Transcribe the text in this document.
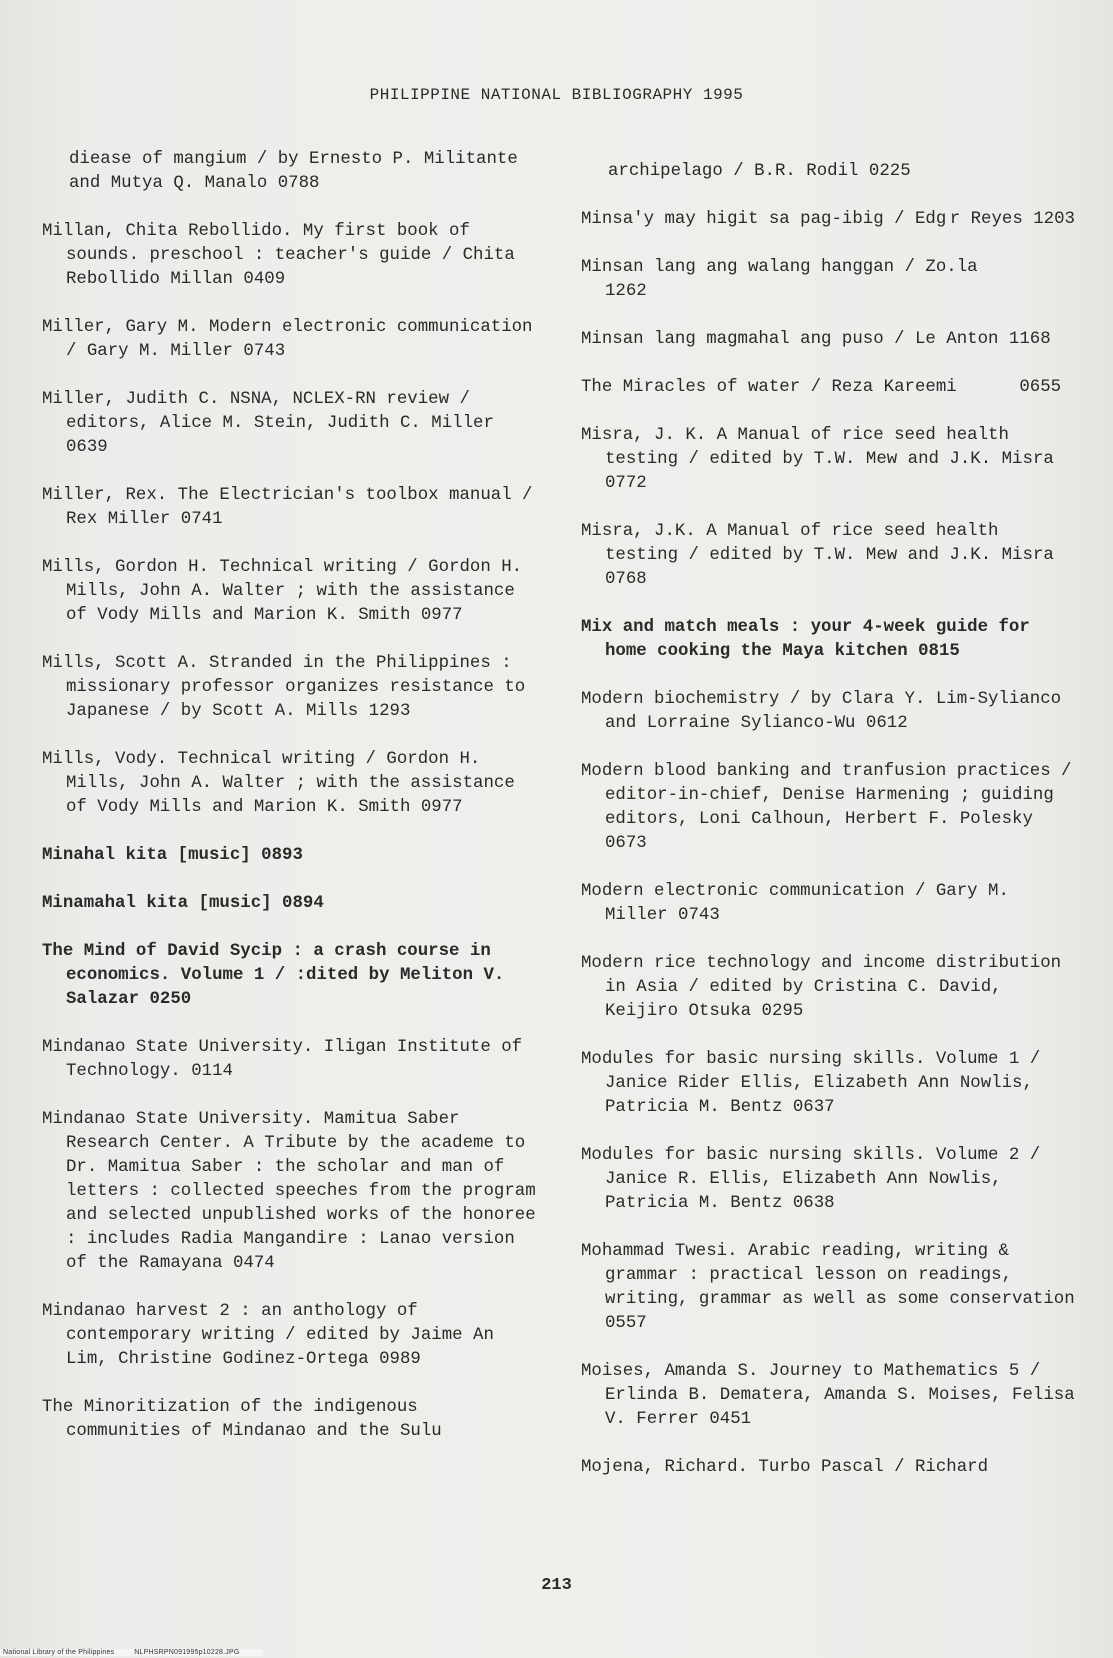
PHILIPPINE NATIONAL BIBLIOGRAPHY 1995

diease of mangium / by Ernesto P. Militante and Mutya Q. Manalo 0788

Millan, Chita Rebollido. My first book of sounds. preschool : teacher's guide / Chita Rebollido Millan 0409

Miller, Gary M. Modern electronic communication / Gary M. Miller 0743

Miller, Judith C. NSNA, NCLEX-RN review / editors, Alice M. Stein, Judith C. Miller 0639

Miller, Rex. The Electrician's toolbox manual / Rex Miller 0741

Mills, Gordon H. Technical writing / Gordon H. Mills, John A. Walter ; with the assistance of Vody Mills and Marion K. Smith 0977

Mills, Scott A. Stranded in the Philippines : missionary professor organizes resistance to Japanese / by Scott A. Mills 1293

Mills, Vody. Technical writing / Gordon H. Mills, John A. Walter ; with the assistance of Vody Mills and Marion K. Smith 0977

Minahal kita [music] 0893

Minamahal kita [music] 0894

The Mind of David Sycip : a crash course in economics. Volume 1 / :dited by Meliton V. Salazar 0250

Mindanao State University. Iligan Institute of Technology. 0114

Mindanao State University. Mamitua Saber Research Center. A Tribute by the academe to Dr. Mamitua Saber : the scholar and man of letters : collected speeches from the program and selected unpublished works of the honoree : includes Radia Mangandire : Lanao version of the Ramayana 0474

Mindanao harvest 2 : an anthology of contemporary writing / edited by Jaime An Lim, Christine Godinez-Ortega 0989

The Minoritization of the indigenous communities of Mindanao and the Sulu

archipelago / B.R. Rodil 0225

Minsa'y may higit sa pag-ibig / Edg r Reyes 1203

Minsan lang ang walang hanggan / Zo.la      1262

Minsan lang magmahal ang puso / Le Anton 1168

The Miracles of water / Reza Kareemi      0655

Misra, J. K. A Manual of rice seed health testing / edited by T.W. Mew and J.K. Misra 0772

Misra, J.K. A Manual of rice seed health testing / edited by T.W. Mew and J.K. Misra 0768

Mix and match meals : your 4-week guide for home cooking the Maya kitchen 0815

Modern biochemistry / by Clara Y. Lim-Sylianco and Lorraine Sylianco-Wu 0612

Modern blood banking and tranfusion practices / editor-in-chief, Denise Harmening ; guiding editors, Loni Calhoun, Herbert F. Polesky 0673

Modern electronic communication / Gary M. Miller 0743

Modern rice technology and income distribution in Asia / edited by Cristina C. David, Keijiro Otsuka 0295

Modules for basic nursing skills. Volume 1 / Janice Rider Ellis, Elizabeth Ann Nowlis, Patricia M. Bentz 0637

Modules for basic nursing skills. Volume 2 / Janice R. Ellis, Elizabeth Ann Nowlis, Patricia M. Bentz 0638

Mohammad Twesi. Arabic reading, writing & grammar : practical lesson on readings, writing, grammar as well as some conservation 0557

Moises, Amanda S. Journey to Mathematics 5 / Erlinda B. Dematera, Amanda S. Moises, Felisa V. Ferrer 0451

Mojena, Richard. Turbo Pascal / Richard

213
National Library of the Philippines	NLPHSRPN091995p10228.JPG
